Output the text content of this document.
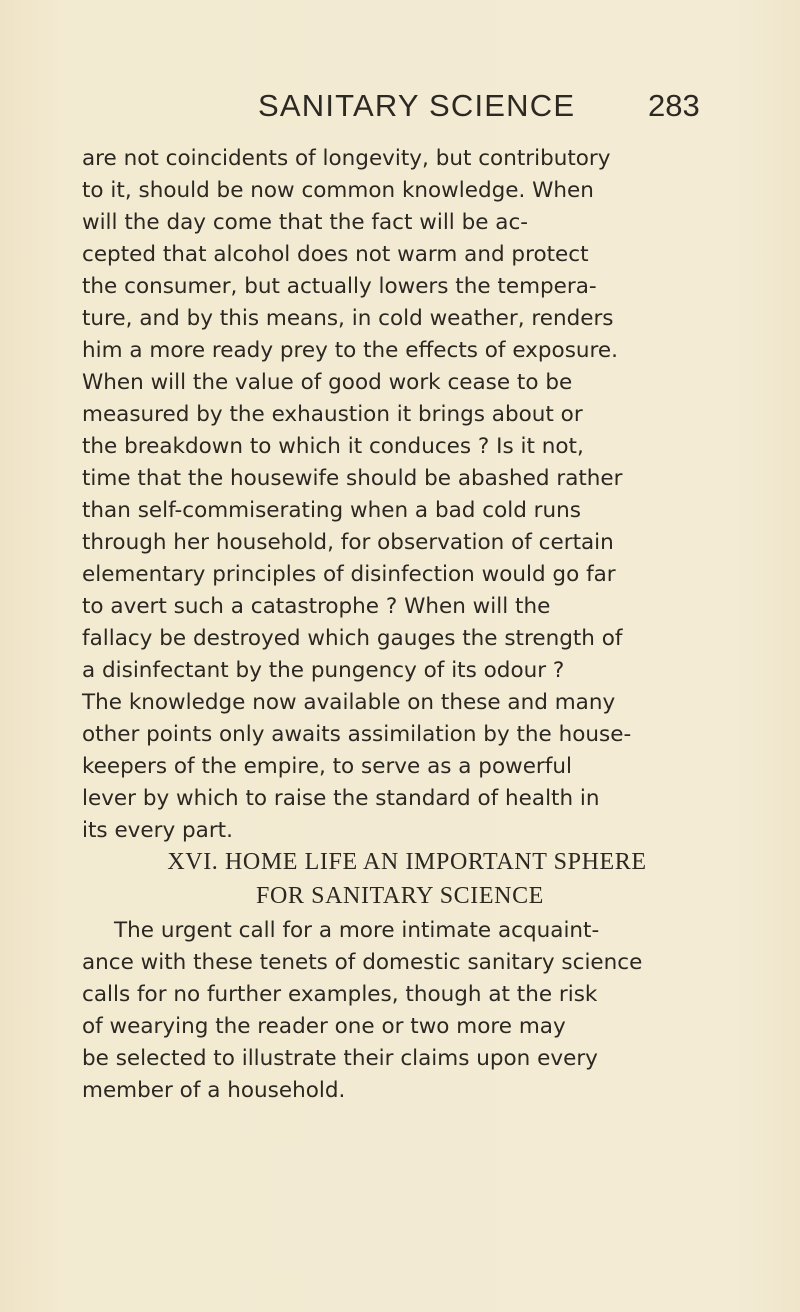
SANITARY SCIENCE 283
are not coincidents of longevity, but contributory
to it, should be now common knowledge. When
will the day come that the fact will be ac-
cepted that alcohol does not warm and protect
the consumer, but actually lowers the tempera-
ture, and by this means, in cold weather, renders
him a more ready prey to the effects of exposure.
When will the value of good work cease to be
measured by the exhaustion it brings about or
the breakdown to which it conduces ? Is it not,
time that the housewife should be abashed rather
than self-commiserating when a bad cold runs
through her household, for observation of certain
elementary principles of disinfection would go far
to avert such a catastrophe ? When will the
fallacy be destroyed which gauges the strength of
a disinfectant by the pungency of its odour ?
The knowledge now available on these and many
other points only awaits assimilation by the house-
keepers of the empire, to serve as a powerful
lever by which to raise the standard of health in
its every part.
XVI. HOME LIFE AN IMPORTANT SPHERE
FOR SANITARY SCIENCE
The urgent call for a more intimate acquaint-
ance with these tenets of domestic sanitary science
calls for no further examples, though at the risk
of wearying the reader one or two more may
be selected to illustrate their claims upon every
member of a household.
